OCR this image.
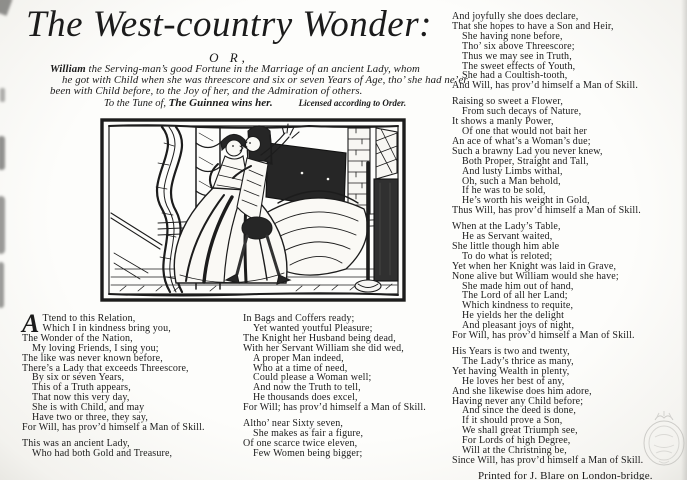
The West-country Wonder:
O R,
William the Serving-man’s good Fortune in the Marriage of an ancient Lady, whom
he got with Child when she was threescore and six or seven Years of Age, tho’ she had ne’er
been with Child before, to the Joy of her, and the Admiration of others.
To the Tune of, The Guinnea wins her.	Licensed according to Order.
A Ttend to this Relation,
Which I in kindness bring you,
The Wonder of the Nation,
My loving Friends, I sing you;
The like was never known before,
There’s a Lady that exceeds Threescore,
By six or seven Years,
This of a Truth appears,
That now this very day,
She is with Child, and may
Have two or three, they say,
For Will, has prov’d himself a Man of Skill.
This was an ancient Lady,
Who had both Gold and Treasure,
In Bags and Coffers ready;
Yet wanted youtful Pleasure;
The Knight her Husband being dead,
With her Servant William she did wed,
A proper Man indeed,
Who at a time of need,
Could please a Woman well;
And now the Truth to tell,
He thousands does excel,
For Will; has prov’d himself a Man of Skill.
Altho’ near Sixty seven,
She makes as fair a figure,
Of one scarce twice eleven,
Few Women being bigger;
And joyfully she does declare,
That she hopes to have a Son and Heir,
She having none before,
Tho’ six above Threescore;
Thus we may see in Truth,
The sweet effects of Youth,
She had a Coultish-tooth,
And Will, has prov’d himself a Man of Skill.
Raising so sweet a Flower,
From such decays of Nature,
It shows a manly Power,
Of one that would not bait her
An ace of what’s a Woman’s due;
Such a brawny Lad you never knew,
Both Proper, Straight and Tall,
And lusty Limbs withal,
Oh, such a Man behold,
If he was to be sold,
He’s worth his weight in Gold,
Thus Will, has prov’d himself a Man of Skill.
When at the Lady’s Table,
He as Servant waited,
She little though him able
To do what is reloted;
Yet when her Knight was laid in Grave,
None alive but William would she have;
She made him out of hand,
The Lord of all her Land;
Which kindness to requite,
He yields her the delight
And pleasant joys of night,
For Will, has prov’d himself a Man of Skill.
His Years is two and twenty,
The Lady’s thrice as many,
Yet having Wealth in plenty,
He loves her best of any,
And she likewise does him adore,
Having never any Child before;
And since the deed is done,
If it should prove a Son,
We shall great Triumph see,
For Lords of high Degree,
Will at the Christning be,
Since Will, has prov’d himself a Man of Skill.
Printed for J. Blare on London-bridge.
